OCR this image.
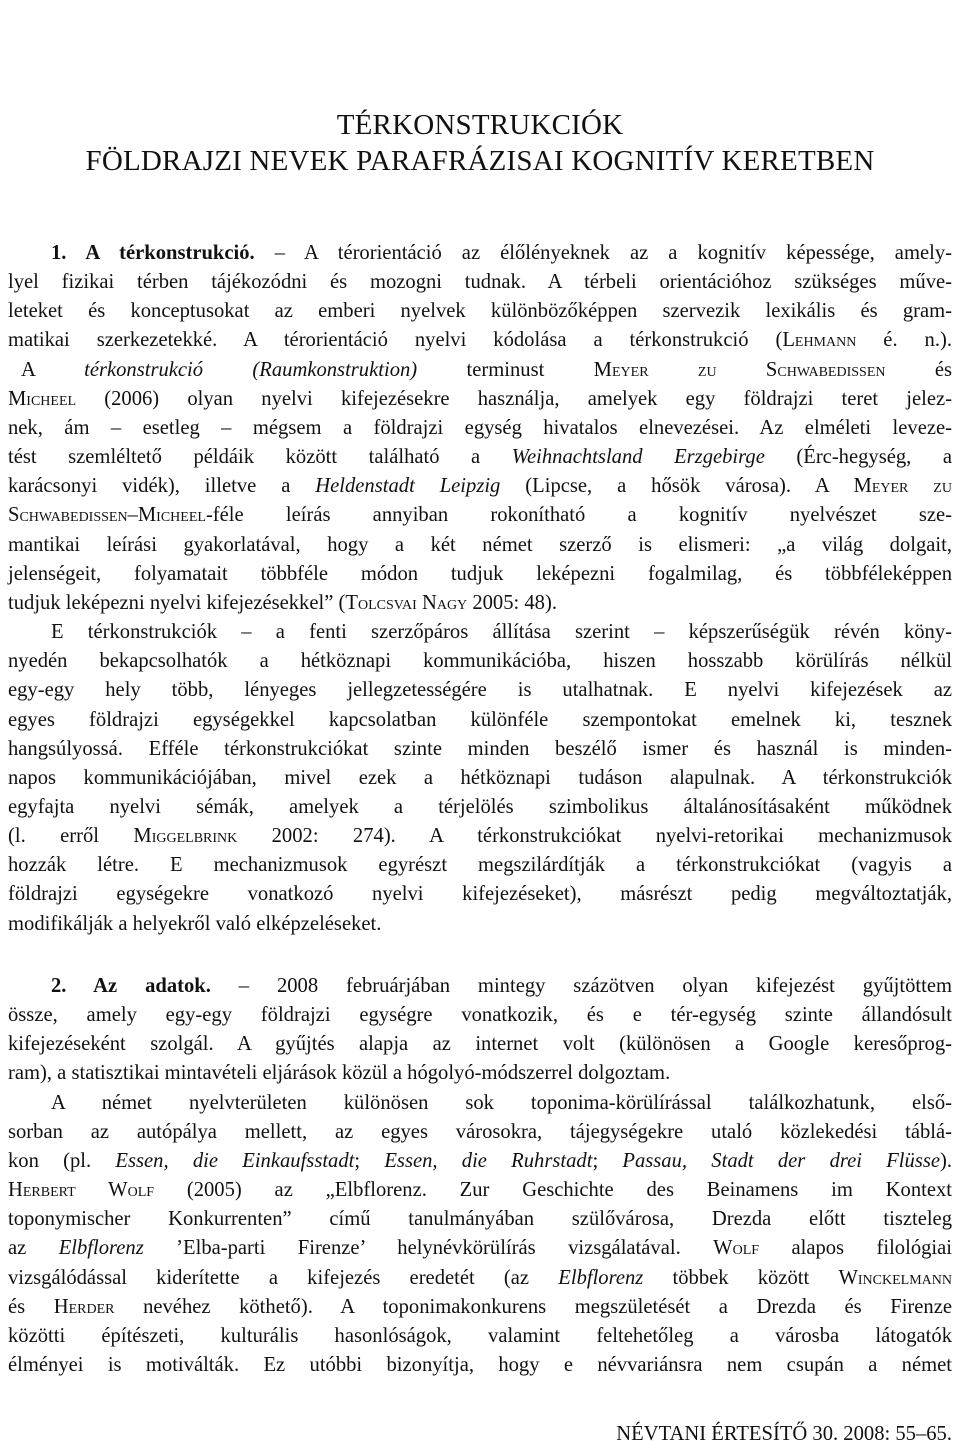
TÉRKONSTRUKCIÓK
FÖLDRAJZI NEVEK PARAFRÁZISAI KOGNITÍV KERETBEN
1. A térkonstrukció. – A térorientáció az élőlényeknek az a kognitív képessége, amely-
lyel fizikai térben tájékozódni és mozogni tudnak. A térbeli orientációhoz szükséges műve-
leteket és konceptusokat az emberi nyelvek különbözőképpen szervezik lexikális és gram-
matikai szerkezetekké. A térorientáció nyelvi kódolása a térkonstrukció (Lehmann é. n.).
A térkonstrukció (Raumkonstruktion) terminust Meyer zu Schwabedissen és
Micheel (2006) olyan nyelvi kifejezésekre használja, amelyek egy földrajzi teret jelez-
nek, ám – esetleg – mégsem a földrajzi egység hivatalos elnevezései. Az elméleti leveze-
tést szemléltető példáik között található a Weihnachtsland Erzgebirge (Érc-hegység, a
karácsonyi vidék), illetve a Heldenstadt Leipzig (Lipcse, a hősök városa). A Meyer zu
Schwabedissen–Micheel-féle leírás annyiban rokonítható a kognitív nyelvészet sze-
mantikai leírási gyakorlatával, hogy a két német szerző is elismeri: „a világ dolgait,
jelenségeit, folyamatait többféle módon tudjuk leképezni fogalmilag, és többféleképpen
tudjuk leképezni nyelvi kifejezésekkel” (Tolcsvai Nagy 2005: 48).
E térkonstrukciók – a fenti szerzőpáros állítása szerint – képszerűségük révén köny-
nyedén bekapcsolhatók a hétköznapi kommunikációba, hiszen hosszabb körülírás nélkül
egy-egy hely több, lényeges jellegzetességére is utalhatnak. E nyelvi kifejezések az
egyes földrajzi egységekkel kapcsolatban különféle szempontokat emelnek ki, tesznek
hangsúlyossá. Efféle térkonstrukciókat szinte minden beszélő ismer és használ is minden-
napos kommunikációjában, mivel ezek a hétköznapi tudáson alapulnak. A térkonstrukciók
egyfajta nyelvi sémák, amelyek a térjelölés szimbolikus általánosításaként működnek
(l. erről Miggelbrink 2002: 274). A térkonstrukciókat nyelvi-retorikai mechanizmusok
hozzák létre. E mechanizmusok egyrészt megszilárdítják a térkonstrukciókat (vagyis a
földrajzi egységekre vonatkozó nyelvi kifejezéseket), másrészt pedig megváltoztatják,
modifikálják a helyekről való elképzeléseket.
2. Az adatok. – 2008 februárjában mintegy százötven olyan kifejezést gyűjtöttem
össze, amely egy-egy földrajzi egységre vonatkozik, és e tér-egység szinte állandósult
kifejezéseként szolgál. A gyűjtés alapja az internet volt (különösen a Google keresőprog-
ram), a statisztikai mintavételi eljárások közül a hógolyó-módszerrel dolgoztam.
A német nyelvterületen különösen sok toponima-körülírással találkozhatunk, első-
sorban az autópálya mellett, az egyes városokra, tájegységekre utaló közlekedési táblá-
kon (pl. Essen, die Einkaufsstadt; Essen, die Ruhrstadt; Passau, Stadt der drei Flüsse).
Herbert Wolf (2005) az „Elbflorenz. Zur Geschichte des Beinamens im Kontext
toponymischer Konkurrenten” című tanulmányában szülővárosa, Drezda előtt tiszteleg
az Elbflorenz ’Elba-parti Firenze’ helynévkörülírás vizsgálatával. Wolf alapos filológiai
vizsgálódással kiderítette a kifejezés eredetét (az Elbflorenz többek között Winckelmann
és Herder nevéhez köthető). A toponimakonkurens megszületését a Drezda és Firenze
közötti építészeti, kulturális hasonlóságok, valamint feltehetőleg a városba látogatók
élményei is motiválták. Ez utóbbi bizonyítja, hogy e névvariánsra nem csupán a német
NÉVTANI ÉRTESÍTŐ 30. 2008: 55–65.
